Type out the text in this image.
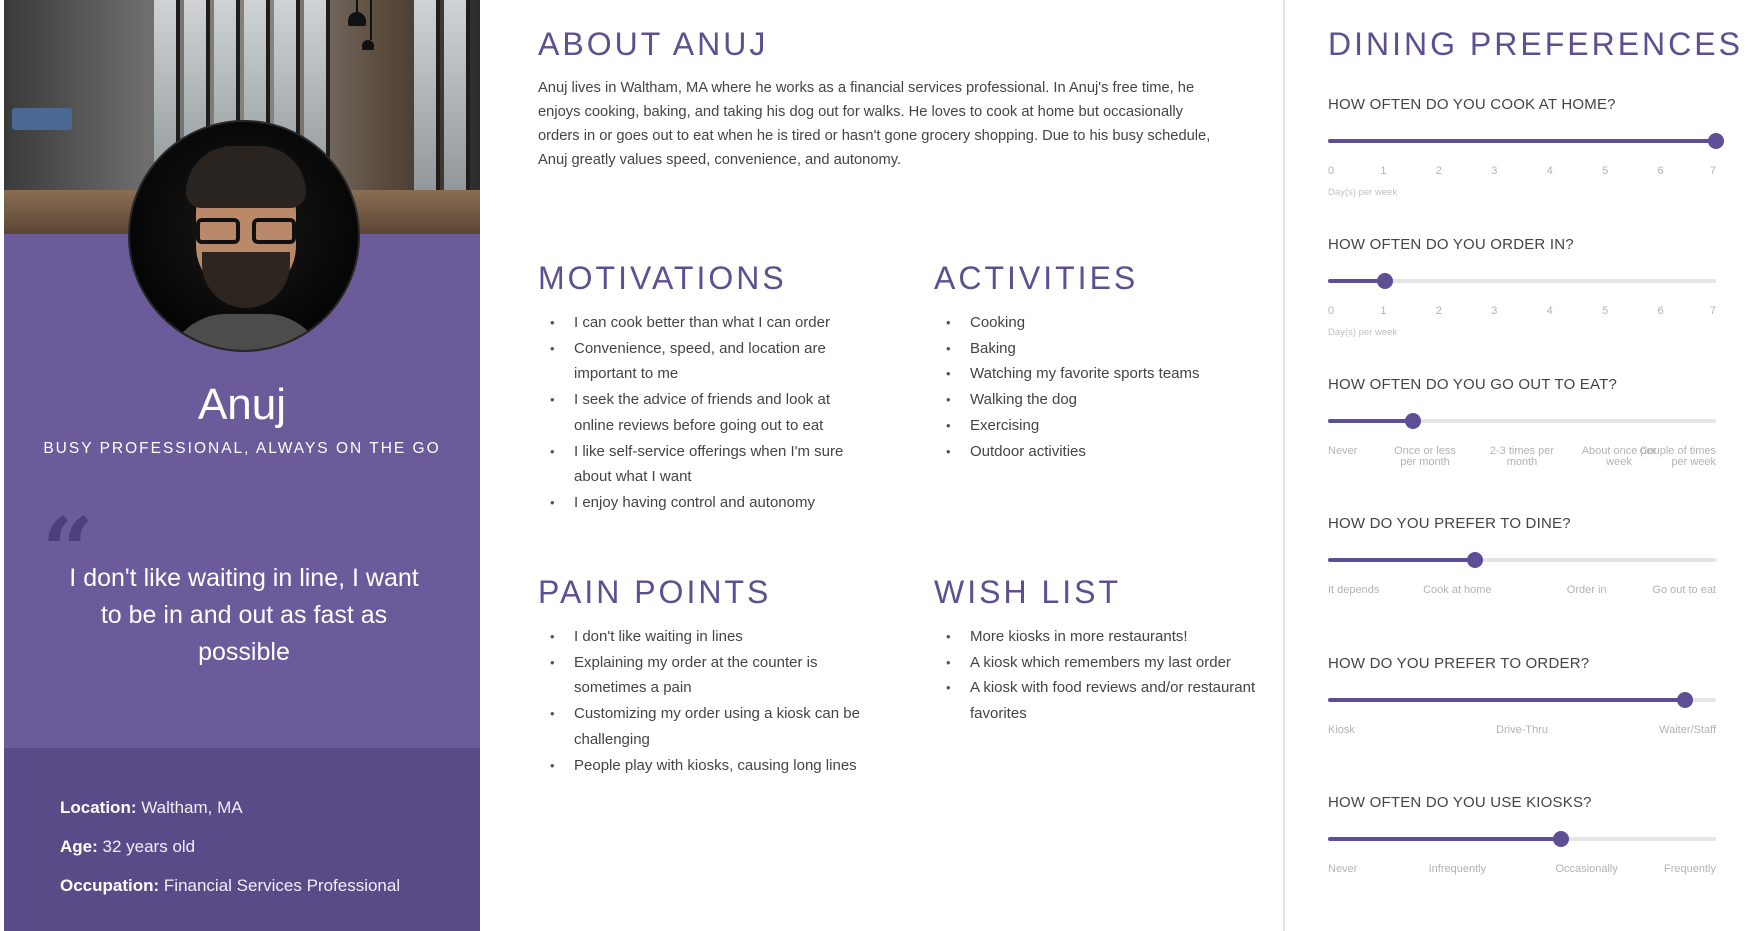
Anuj
BUSY PROFESSIONAL, ALWAYS ON THE GO
“
I don't like waiting in line, I want to be in and out as fast as possible
Location: Waltham, MA
Age: 32 years old
Occupation: Financial Services Professional
ABOUT ANUJ
Anuj lives in Waltham, MA where he works as a financial services professional. In Anuj's free time, he enjoys cooking, baking, and taking his dog out for walks. He loves to cook at home but occasionally orders in or goes out to eat when he is tired or hasn't gone grocery shopping. Due to his busy schedule, Anuj greatly values speed, convenience, and autonomy.
MOTIVATIONS
• I can cook better than what I can order
• Convenience, speed, and location are important to me
• I seek the advice of friends and look at online reviews before going out to eat
• I like self-service offerings when I'm sure about what I want
• I enjoy having control and autonomy
ACTIVITIES
• Cooking
• Baking
• Watching my favorite sports teams
• Walking the dog
• Exercising
• Outdoor activities
PAIN POINTS
• I don't like waiting in lines
• Explaining my order at the counter is sometimes a pain
• Customizing my order using a kiosk can be challenging
• People play with kiosks, causing long lines
WISH LIST
• More kiosks in more restaurants!
• A kiosk which remembers my last order
• A kiosk with food reviews and/or restaurant favorites
DINING PREFERENCES
HOW OFTEN DO YOU COOK AT HOME?
0	1	2	3	4	5	6	7
Day(s) per week
HOW OFTEN DO YOU ORDER IN?
0	1	2	3	4	5	6	7
Day(s) per week
HOW OFTEN DO YOU GO OUT TO EAT?
Never	Once or less per month
2-3 times per month
About once per week
Couple of times per week
HOW DO YOU PREFER TO DINE?
It depends	Cook at home	Order in	Go out to eat
HOW DO YOU PREFER TO ORDER?
Kiosk	Drive-Thru	Waiter/Staff
HOW OFTEN DO YOU USE KIOSKS?
Never	Infrequently	Occasionally	Frequently
